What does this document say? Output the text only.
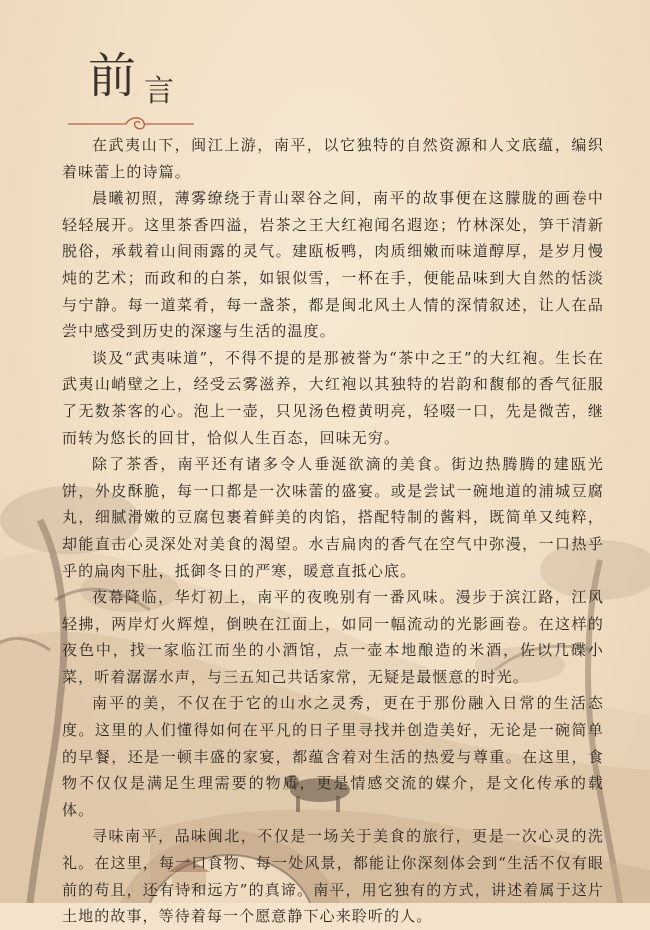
前 言

在武夷山下，闽江上游，南平，以它独特的自然资源和人文底蕴，编织着味蕾上的诗篇。

晨曦初照，薄雾缭绕于青山翠谷之间，南平的故事便在这朦胧的画卷中轻轻展开。这里茶香四溢，岩茶之王大红袍闻名遐迩；竹林深处，笋干清新脱俗，承载着山间雨露的灵气。建瓯板鸭，肉质细嫩而味道醇厚，是岁月慢炖的艺术；而政和的白茶，如银似雪，一杯在手，便能品味到大自然的恬淡与宁静。每一道菜肴，每一盏茶，都是闽北风土人情的深情叙述，让人在品尝中感受到历史的深邃与生活的温度。

谈及“武夷味道”，不得不提的是那被誉为“茶中之王”的大红袍。生长在武夷山峭壁之上，经受云雾滋养，大红袍以其独特的岩韵和馥郁的香气征服了无数茶客的心。泡上一壶，只见汤色橙黄明亮，轻啜一口，先是微苦，继而转为悠长的回甘，恰似人生百态，回味无穷。

除了茶香，南平还有诸多令人垂涎欲滴的美食。街边热腾腾的建瓯光饼，外皮酥脆，每一口都是一次味蕾的盛宴。或是尝试一碗地道的浦城豆腐丸，细腻滑嫩的豆腐包裹着鲜美的肉馅，搭配特制的酱料，既简单又纯粹，却能直击心灵深处对美食的渴望。水吉扁肉的香气在空气中弥漫，一口热乎乎的扁肉下肚，抵御冬日的严寒，暖意直抵心底。

夜幕降临，华灯初上，南平的夜晚别有一番风味。漫步于滨江路，江风轻拂，两岸灯火辉煌，倒映在江面上，如同一幅流动的光影画卷。在这样的夜色中，找一家临江而坐的小酒馆，点一壶本地酿造的米酒，佐以几碟小菜，听着潺潺水声，与三五知己共话家常，无疑是最惬意的时光。

南平的美，不仅在于它的山水之灵秀，更在于那份融入日常的生活态度。这里的人们懂得如何在平凡的日子里寻找并创造美好，无论是一碗简单的早餐，还是一顿丰盛的家宴，都蕴含着对生活的热爱与尊重。在这里，食物不仅仅是满足生理需要的物质，更是情感交流的媒介，是文化传承的载体。

寻味南平，品味闽北，不仅是一场关于美食的旅行，更是一次心灵的洗礼。在这里，每一口食物、每一处风景，都能让你深刻体会到“生活不仅有眼前的苟且，还有诗和远方”的真谛。南平，用它独有的方式，讲述着属于这片土地的故事，等待着每一个愿意静下心来聆听的人。
